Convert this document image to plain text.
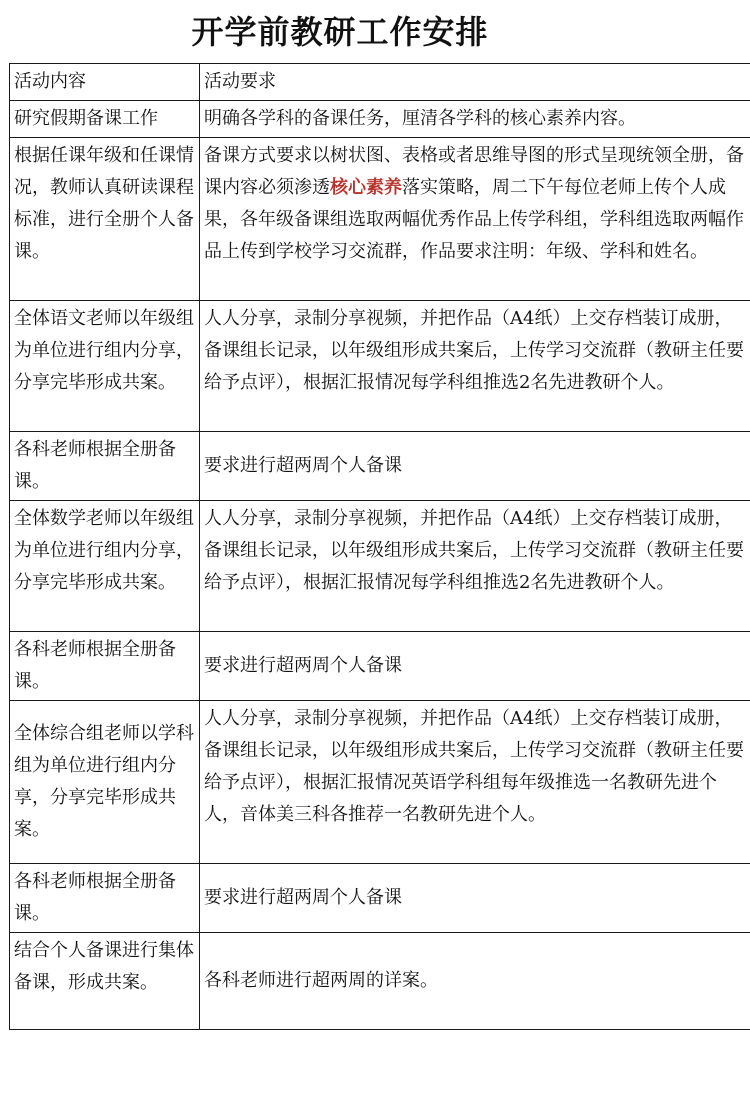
开学前教研工作安排
活动内容	活动要求
研究假期备课工作	明确各学科的备课任务，厘清各学科的核心素养内容。
根据任课年级和任课情况，教师认真研读课程标准，进行全册个人备课。	备课方式要求以树状图、表格或者思维导图的形式呈现统领全册，备课内容必须渗透核心素养落实策略，周二下午每位老师上传个人成果，各年级备课组选取两幅优秀作品上传学科组，学科组选取两幅作品上传到学校学习交流群，作品要求注明：年级、学科和姓名。
全体语文老师以年级组为单位进行组内分享，分享完毕形成共案。	人人分享，录制分享视频，并把作品（A4纸）上交存档装订成册，备课组长记录，以年级组形成共案后，上传学习交流群（教研主任要给予点评），根据汇报情况每学科组推选2名先进教研个人。
各科老师根据全册备课。	要求进行超两周个人备课
全体数学老师以年级组为单位进行组内分享，分享完毕形成共案。	人人分享，录制分享视频，并把作品（A4纸）上交存档装订成册，备课组长记录，以年级组形成共案后，上传学习交流群（教研主任要给予点评），根据汇报情况每学科组推选2名先进教研个人。
各科老师根据全册备课。	要求进行超两周个人备课
全体综合组老师以学科组为单位进行组内分享，分享完毕形成共案。	人人分享，录制分享视频，并把作品（A4纸）上交存档装订成册，备课组长记录，以年级组形成共案后，上传学习交流群（教研主任要给予点评），根据汇报情况英语学科组每年级推选一名教研先进个人，音体美三科各推荐一名教研先进个人。
各科老师根据全册备课。	要求进行超两周个人备课
结合个人备课进行集体备课，形成共案。	各科老师进行超两周的详案。
